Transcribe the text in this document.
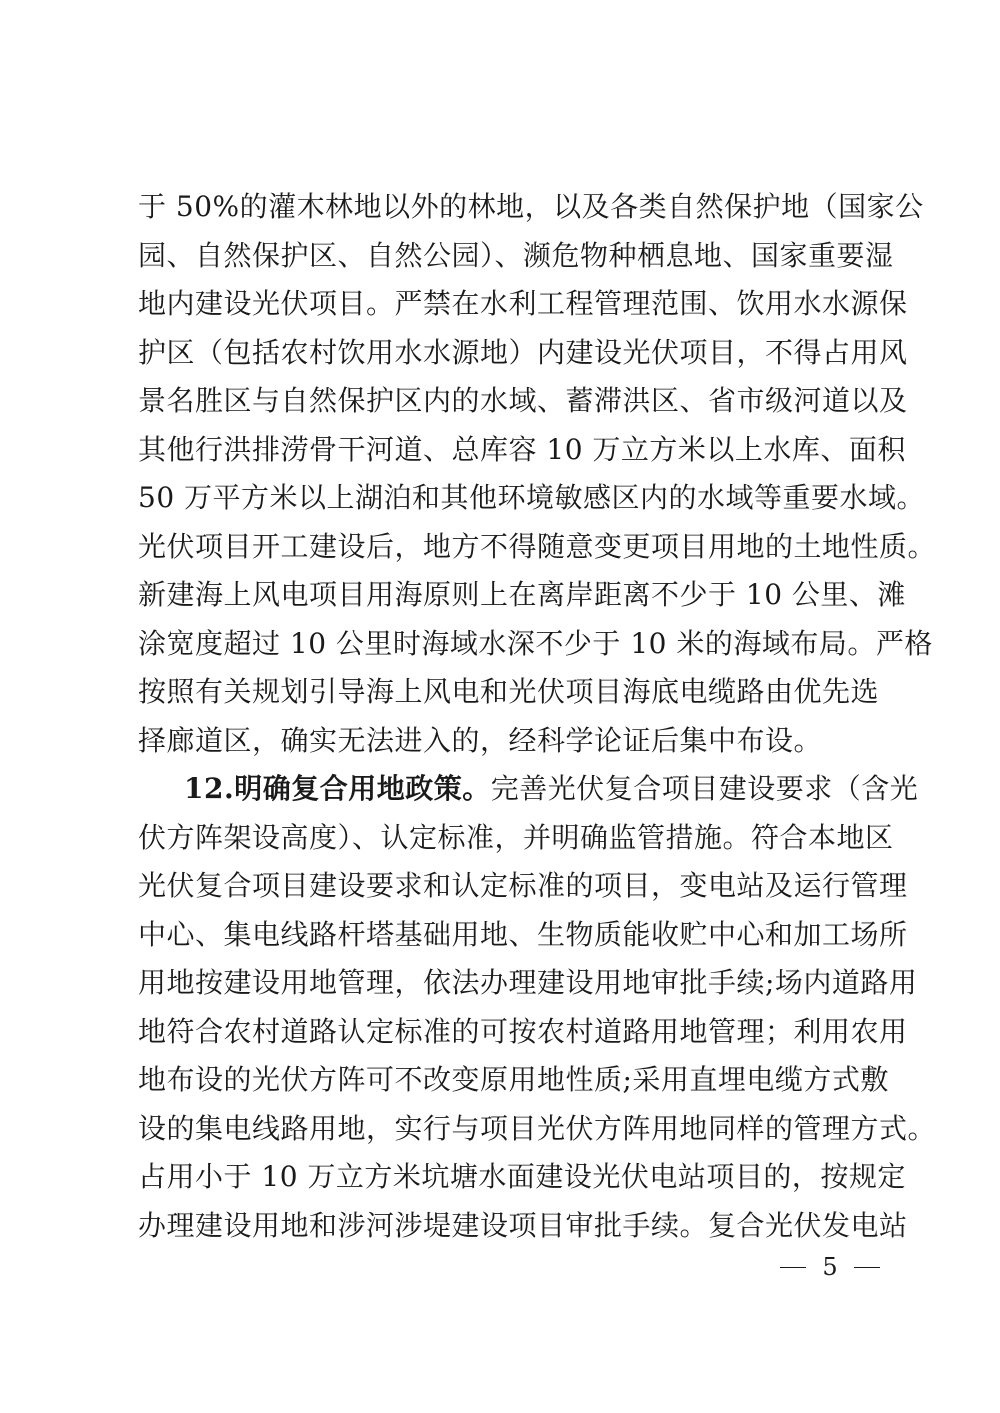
于 50%的灌木林地以外的林地，以及各类自然保护地（国家公
园、自然保护区、自然公园）、濒危物种栖息地、国家重要湿
地内建设光伏项目。严禁在水利工程管理范围、饮用水水源保
护区（包括农村饮用水水源地）内建设光伏项目，不得占用风
景名胜区与自然保护区内的水域、蓄滞洪区、省市级河道以及
其他行洪排涝骨干河道、总库容 10 万立方米以上水库、面积
50 万平方米以上湖泊和其他环境敏感区内的水域等重要水域。
光伏项目开工建设后，地方不得随意变更项目用地的土地性质。
新建海上风电项目用海原则上在离岸距离不少于 10 公里、滩
涂宽度超过 10 公里时海域水深不少于 10 米的海域布局。严格
按照有关规划引导海上风电和光伏项目海底电缆路由优先选
择廊道区，确实无法进入的，经科学论证后集中布设。
12.明确复合用地政策。完善光伏复合项目建设要求（含光
伏方阵架设高度）、认定标准，并明确监管措施。符合本地区
光伏复合项目建设要求和认定标准的项目，变电站及运行管理
中心、集电线路杆塔基础用地、生物质能收贮中心和加工场所
用地按建设用地管理，依法办理建设用地审批手续;场内道路用
地符合农村道路认定标准的可按农村道路用地管理；利用农用
地布设的光伏方阵可不改变原用地性质;采用直埋电缆方式敷
设的集电线路用地，实行与项目光伏方阵用地同样的管理方式。
占用小于 10 万立方米坑塘水面建设光伏电站项目的，按规定
办理建设用地和涉河涉堤建设项目审批手续。复合光伏发电站
5
